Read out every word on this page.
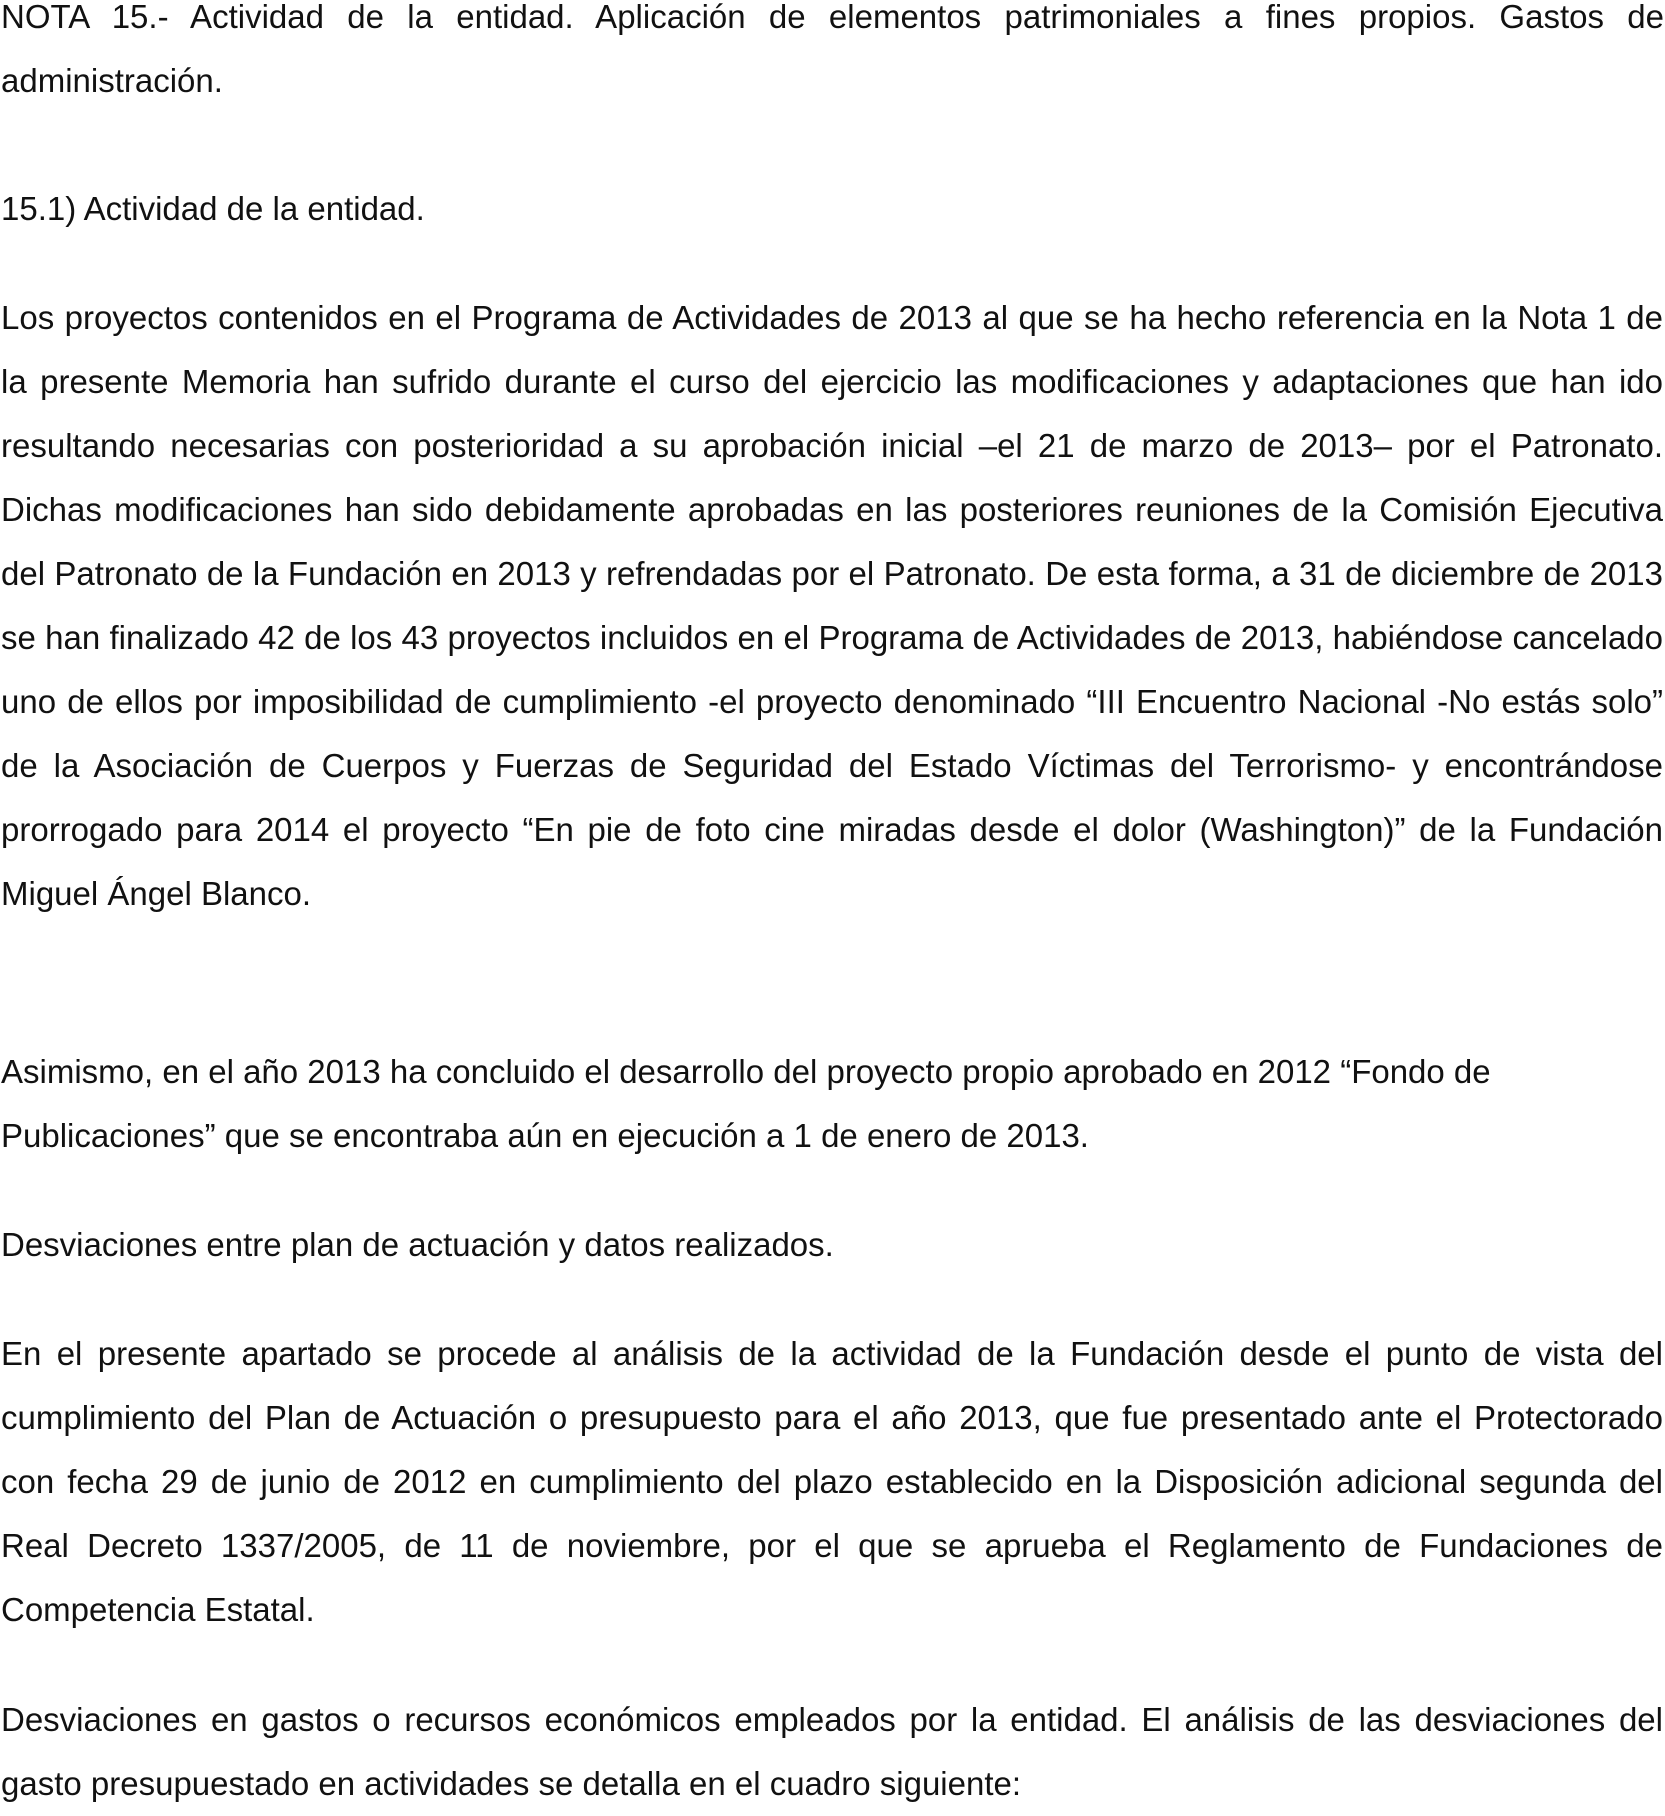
NOTA 15.- Actividad de la entidad. Aplicación de elementos patrimoniales a fines propios. Gastos de administración.

15.1) Actividad de la entidad.

Los proyectos contenidos en el Programa de Actividades de 2013 al que se ha hecho referencia en la Nota 1 de la presente Memoria han sufrido durante el curso del ejercicio las modificaciones y adaptaciones que han ido resultando necesarias con posterioridad a su aprobación inicial –el 21 de marzo de 2013– por el Patronato. Dichas modificaciones han sido debidamente aprobadas en las posteriores reuniones de la Comisión Ejecutiva del Patronato de la Fundación en 2013 y refrendadas por el Patronato. De esta forma, a 31 de diciembre de 2013 se han finalizado 42 de los 43 proyectos incluidos en el Programa de Actividades de 2013, habiéndose cancelado uno de ellos por imposibilidad de cumplimiento -el proyecto denominado “III Encuentro Nacional -No estás solo” de la Asociación de Cuerpos y Fuerzas de Seguridad del Estado Víctimas del Terrorismo- y encontrándose prorrogado para 2014 el proyecto “En pie de foto cine miradas desde el dolor (Washington)” de la Fundación Miguel Ángel Blanco.

Asimismo, en el año 2013 ha concluido el desarrollo del proyecto propio aprobado en 2012 “Fondo de Publicaciones” que se encontraba aún en ejecución a 1 de enero de 2013.

Desviaciones entre plan de actuación y datos realizados.

En el presente apartado se procede al análisis de la actividad de la Fundación desde el punto de vista del cumplimiento del Plan de Actuación o presupuesto para el año 2013, que fue presentado ante el Protectorado con fecha 29 de junio de 2012 en cumplimiento del plazo establecido en la Disposición adicional segunda del Real Decreto 1337/2005, de 11 de noviembre, por el que se aprueba el Reglamento de Fundaciones de Competencia Estatal.

Desviaciones en gastos o recursos económicos empleados por la entidad. El análisis de las desviaciones del gasto presupuestado en actividades se detalla en el cuadro siguiente:
